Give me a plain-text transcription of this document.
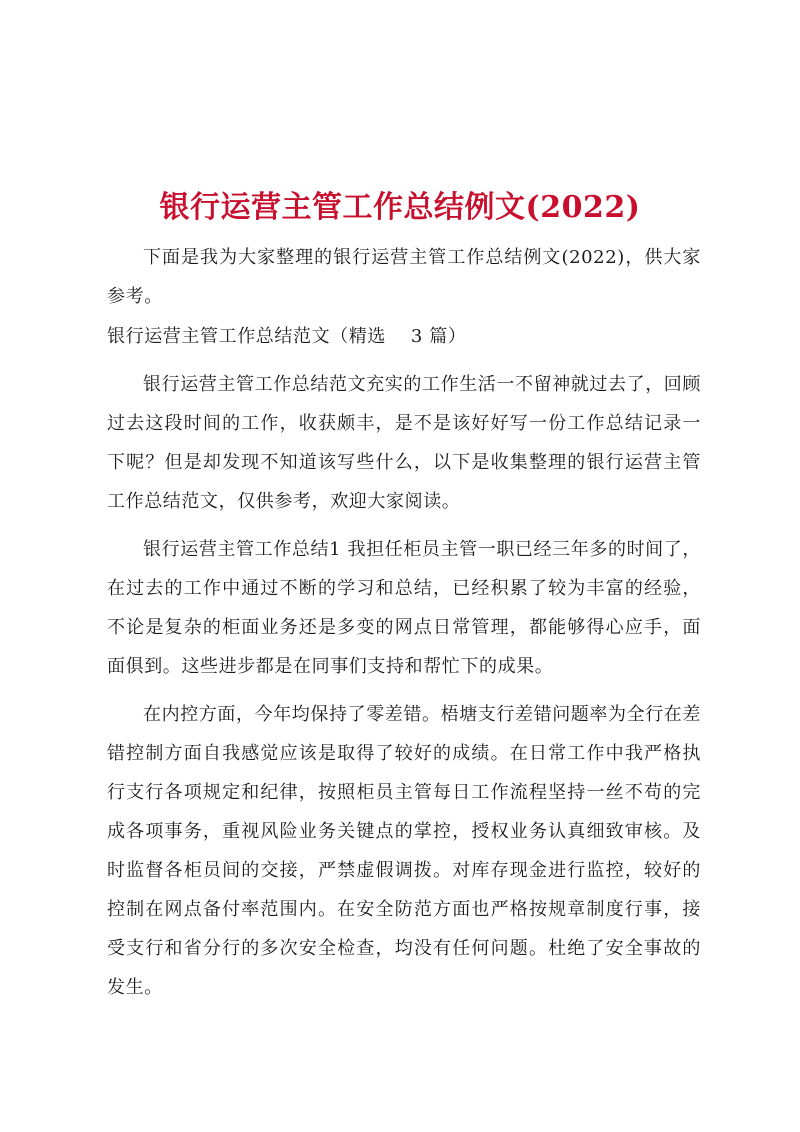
银行运营主管工作总结例文(2022)

下面是我为大家整理的银行运营主管工作总结例文(2022)，供大家参考。

银行运营主管工作总结范文（精选　 3 篇）

银行运营主管工作总结范文充实的工作生活一不留神就过去了，回顾过去这段时间的工作，收获颇丰，是不是该好好写一份工作总结记录一下呢？但是却发现不知道该写些什么，以下是收集整理的银行运营主管工作总结范文，仅供参考，欢迎大家阅读。

银行运营主管工作总结1 我担任柜员主管一职已经三年多的时间了，在过去的工作中通过不断的学习和总结，已经积累了较为丰富的经验，不论是复杂的柜面业务还是多变的网点日常管理，都能够得心应手，面面俱到。这些进步都是在同事们支持和帮忙下的成果。

在内控方面，今年均保持了零差错。梧塘支行差错问题率为全行在差错控制方面自我感觉应该是取得了较好的成绩。在日常工作中我严格执行支行各项规定和纪律，按照柜员主管每日工作流程坚持一丝不苟的完成各项事务，重视风险业务关键点的掌控，授权业务认真细致审核。及时监督各柜员间的交接，严禁虚假调拨。对库存现金进行监控，较好的控制在网点备付率范围内。在安全防范方面也严格按规章制度行事，接受支行和省分行的多次安全检查，均没有任何问题。杜绝了安全事故的发生。
